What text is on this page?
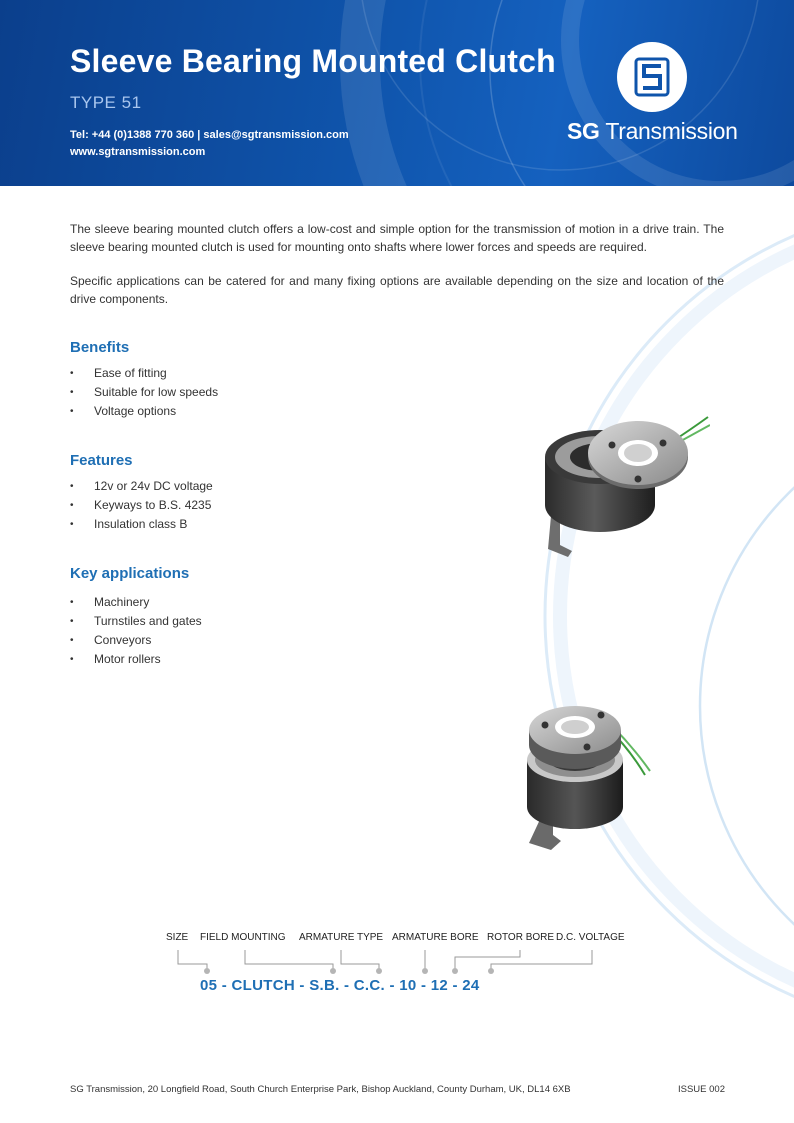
Sleeve Bearing Mounted Clutch
TYPE 51
Tel: +44 (0)1388 770 360 | sales@sgtransmission.com
www.sgtransmission.com
SG Transmission

The sleeve bearing mounted clutch offers a low-cost and simple option for the transmission of motion in a drive train. The sleeve bearing mounted clutch is used for mounting onto shafts where lower forces and speeds are required.

Specific applications can be catered for and many fixing options are available depending on the size and location of the drive components.

Benefits
• Ease of fitting
• Suitable for low speeds
• Voltage options
Features
• 12v or 24v DC voltage
• Keyways to B.S. 4235
• Insulation class B
Key applications
• Machinery
• Turnstiles and gates
• Conveyors
• Motor rollers
SIZE FIELD MOUNTING ARMATURE TYPE ARMATURE BORE ROTOR BORE D.C. VOLTAGE
05 - CLUTCH - S.B. - C.C. - 10 - 12 - 24
SG Transmission, 20 Longfield Road, South Church Enterprise Park, Bishop Auckland, County Durham, UK, DL14 6XB	ISSUE 002
